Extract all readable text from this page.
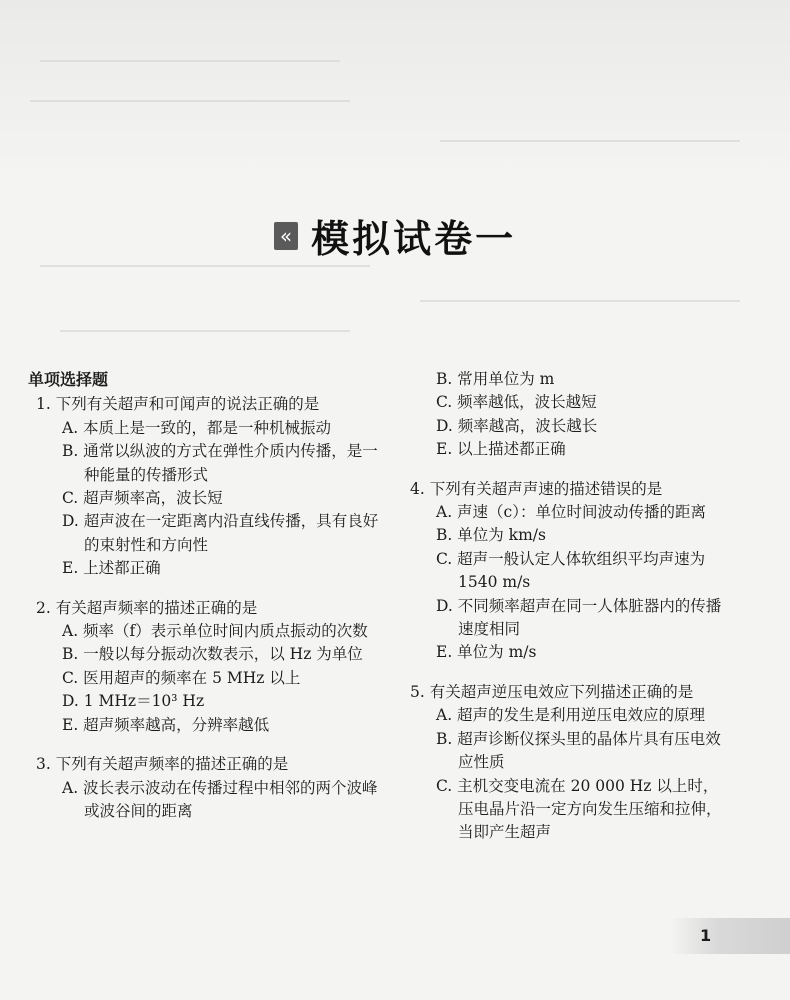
« 模拟试卷一
单项选择题
1. 下列有关超声和可闻声的说法正确的是
A. 本质上是一致的，都是一种机械振动
B. 通常以纵波的方式在弹性介质内传播，是一种能量的传播形式
C. 超声频率高，波长短
D. 超声波在一定距离内沿直线传播，具有良好的束射性和方向性
E. 上述都正确
2. 有关超声频率的描述正确的是
A. 频率（f）表示单位时间内质点振动的次数
B. 一般以每分振动次数表示，以 Hz 为单位
C. 医用超声的频率在 5 MHz 以上
D. 1 MHz＝10³ Hz
E. 超声频率越高，分辨率越低
3. 下列有关超声频率的描述正确的是
A. 波长表示波动在传播过程中相邻的两个波峰或波谷间的距离
B. 常用单位为 m
C. 频率越低，波长越短
D. 频率越高，波长越长
E. 以上描述都正确
4. 下列有关超声声速的描述错误的是
A. 声速（c）：单位时间波动传播的距离
B. 单位为 km/s
C. 超声一般认定人体软组织平均声速为 1540 m/s
D. 不同频率超声在同一人体脏器内的传播速度相同
E. 单位为 m/s
5. 有关超声逆压电效应下列描述正确的是
A. 超声的发生是利用逆压电效应的原理
B. 超声诊断仪探头里的晶体片具有压电效应性质
C. 主机交变电流在 20 000 Hz 以上时，压电晶片沿一定方向发生压缩和拉伸，当即产生超声
1
